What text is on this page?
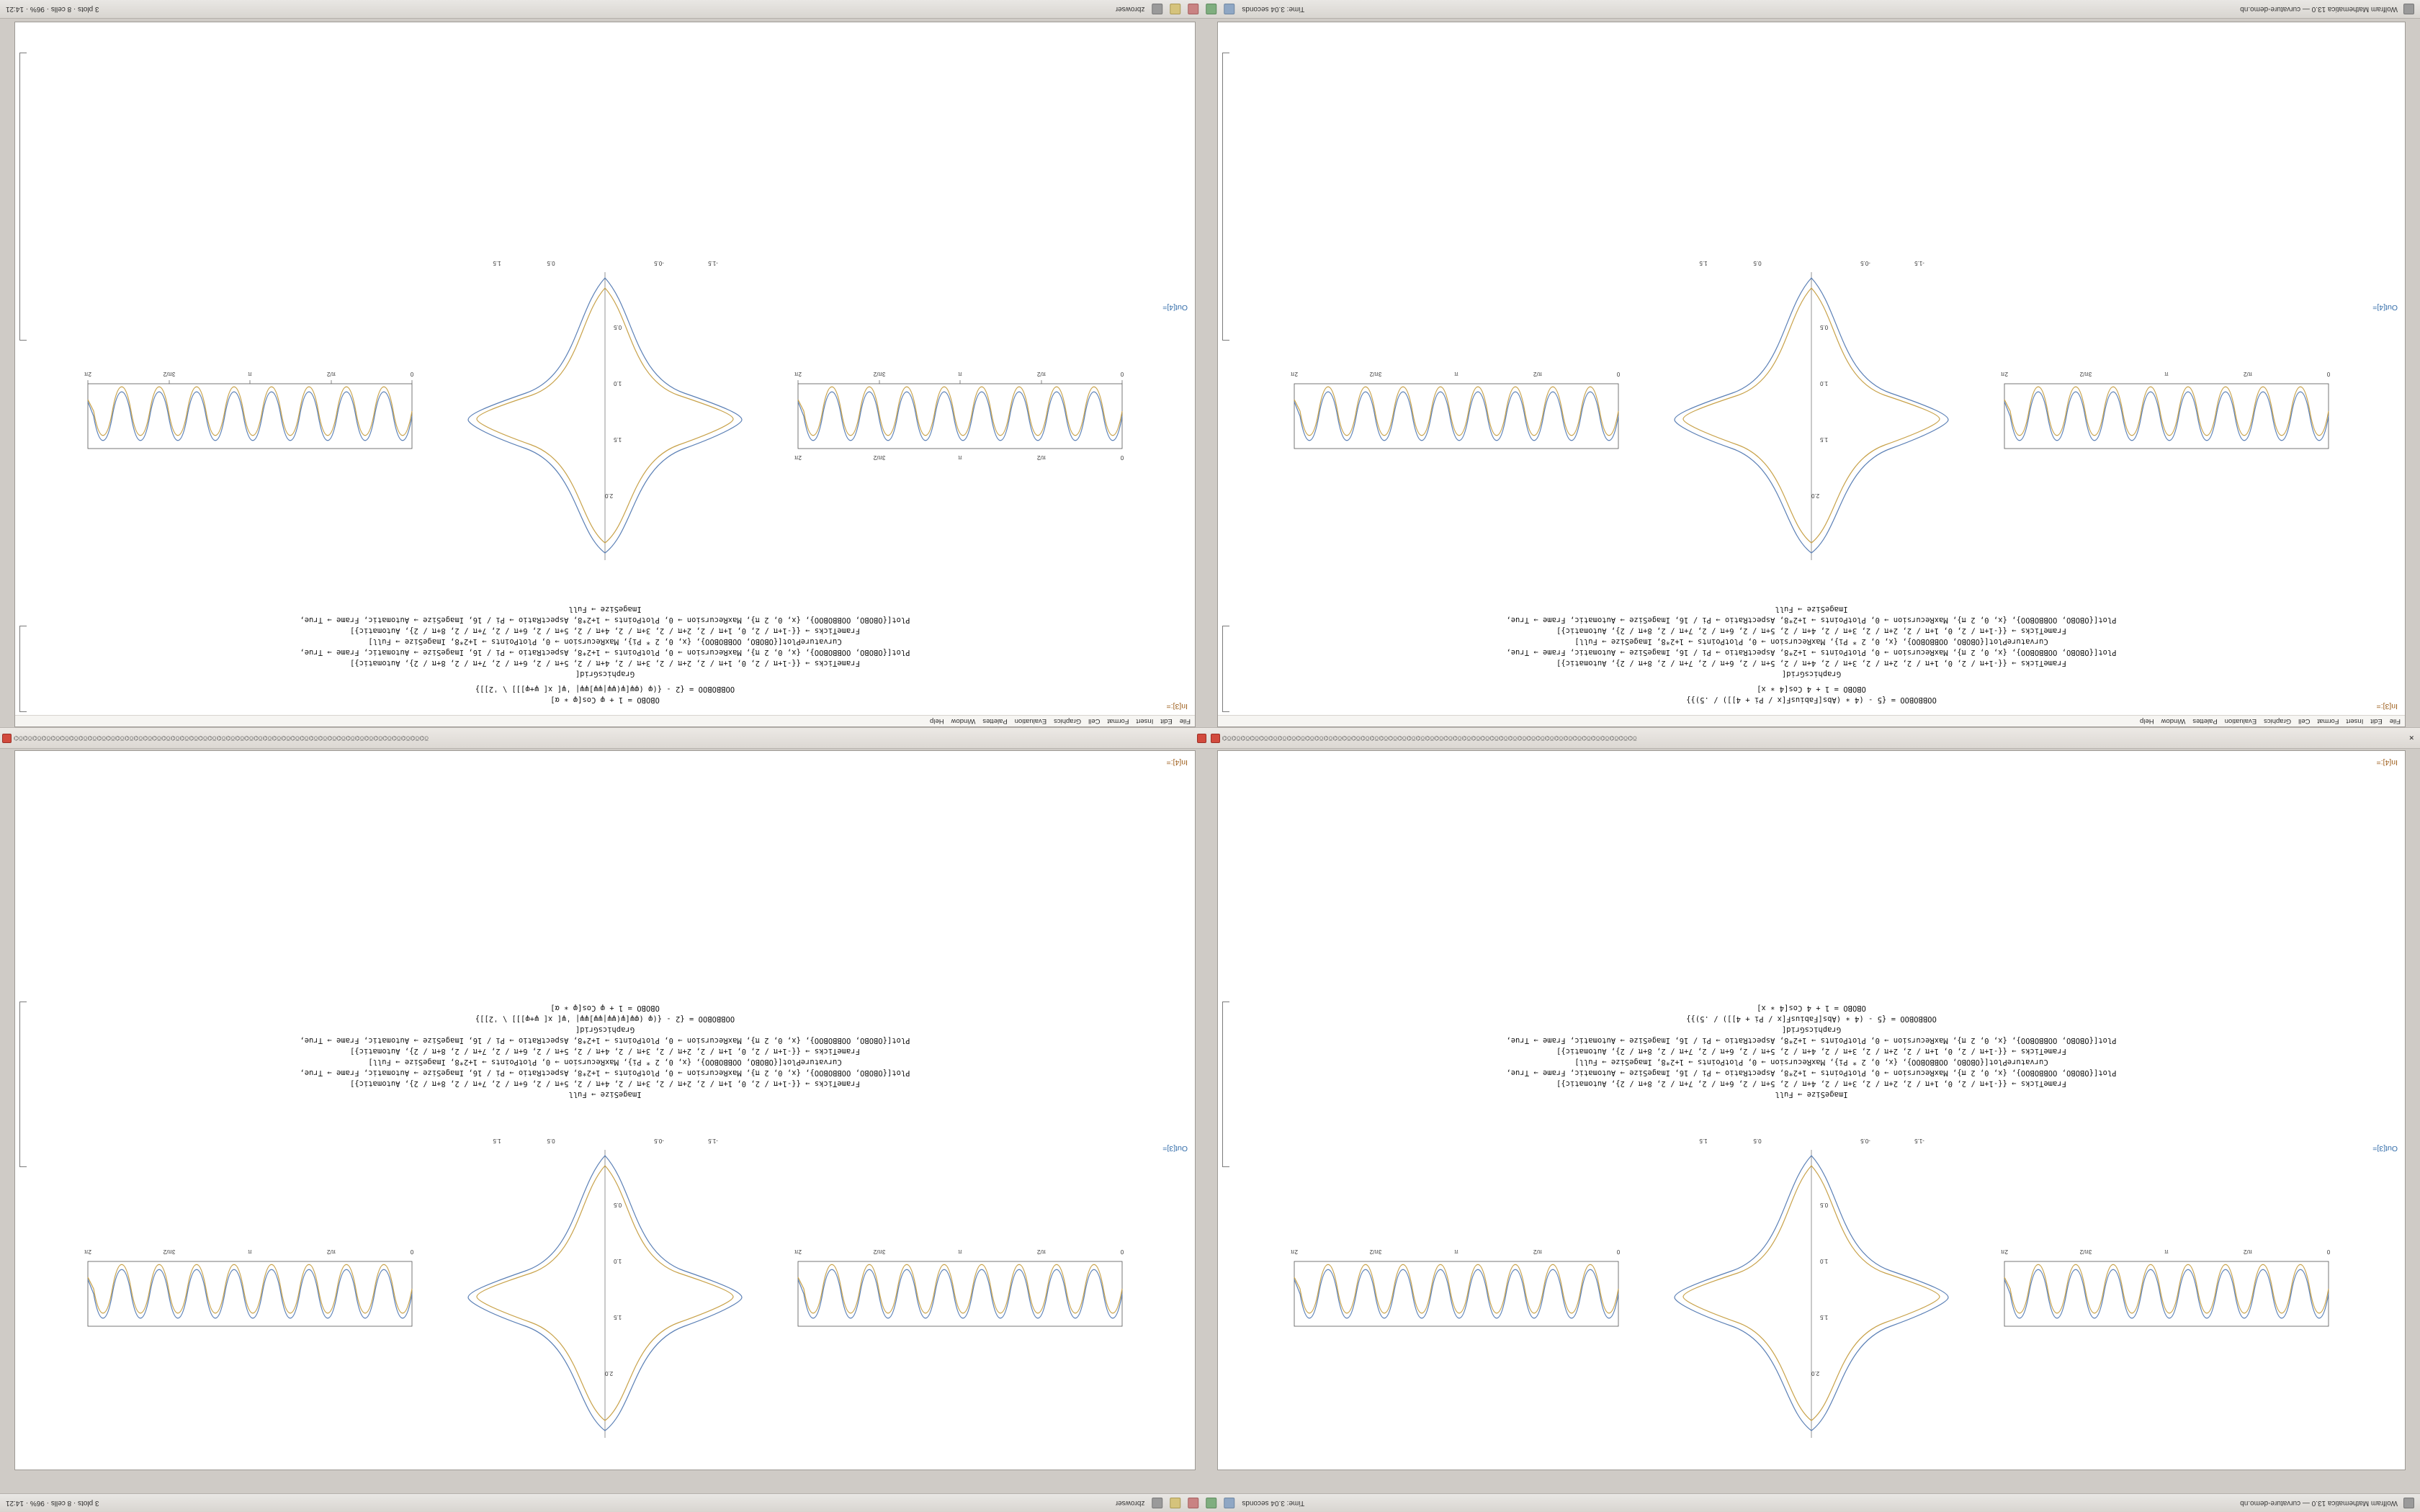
Wolfram Mathematica 13.0 — curvature-demo.nb
Time: 3.04 seconds
zbrowser
3 plots · 8 cells · 96% · 14:21
File
Edit
Insert
Format
Cell
Graphics
Evaluation
Palettes
Window
Help
In[3]:=
OBOBO = 1 + φ Cos[φ ∗ ⍺]
OOBBOBOO = {2 - {(φ (φψ[ψ(ψψ|ψψ]ψψ| 'ψ[ x[ ψ+φ]]] \ '2]]}
GraphicsGrid[
FrameTicks → {{-1+π / 2, 0, 1+π / 2, 2+π / 2, 3+π / 2, 4+π / 2, 5+π / 2, 6+π / 2, 7+π / 2, 8+π / 2}, Automatic}]
Plot[{OBOBO, OOBBOBOO}, {x, 0, 2 π}, MaxRecursion → 0, PlotPoints → 1+2*8, AspectRatio → Pi / 16, ImageSize → Automatic, Frame → True,
CurvaturePlot[{OBOBO, OOBBOBOO}, {x, 0, 2 * Pi}, MaxRecursion → 0, PlotPoints → 1+2*8, ImageSize → Full]
FrameTicks → {{-1+π / 2, 0, 1+π / 2, 2+π / 2, 3+π / 2, 4+π / 2, 5+π / 2, 6+π / 2, 7+π / 2, 8+π / 2}, Automatic}]
Plot[{OBOBO, OOBBOBOO}, {x, 0, 2 π}, MaxRecursion → 0, PlotPoints → 1+2*8, AspectRatio → Pi / 16, ImageSize → Automatic, Frame → True,
ImageSize → Full
Out[4]=
0
π/2
π
3π/2
2π
0
π/2
π
3π/2
2π
2.0
1.5
1.0
0.5
-1.5
-0.5
0.5
1.5
0
π/2
π
3π/2
2π
File
Edit
Insert
Format
Cell
Graphics
Evaluation
Palettes
Window
Help
In[3]:=
OOBBOBOO = {5 - (4 ∗ (Abs[FabiusF[x / Pi + 4]]) / .5)}}
OBOBO = 1 + 4 Cos[4 ∗ x]
GraphicsGrid[
FrameTicks → {{-1+π / 2, 0, 1+π / 2, 2+π / 2, 3+π / 2, 4+π / 2, 5+π / 2, 6+π / 2, 7+π / 2, 8+π / 2}, Automatic}]
Plot[{OBOBO, OOBBOBOO}, {x, 0, 2 π}, MaxRecursion → 0, PlotPoints → 1+2*8, AspectRatio → Pi / 16, ImageSize → Automatic, Frame → True,
CurvaturePlot[{OBOBO, OOBBOBOO}, {x, 0, 2 * Pi}, MaxRecursion → 0, PlotPoints → 1+2*8, ImageSize → Full]
FrameTicks → {{-1+π / 2, 0, 1+π / 2, 2+π / 2, 3+π / 2, 4+π / 2, 5+π / 2, 6+π / 2, 7+π / 2, 8+π / 2}, Automatic}]
Plot[{OBOBO, OOBBOBOO}, {x, 0, 2 π}, MaxRecursion → 0, PlotPoints → 1+2*8, AspectRatio → Pi / 16, ImageSize → Automatic, Frame → True,
ImageSize → Full
Out[4]=
0
π/2
π
3π/2
2π
2.0
1.5
1.0
0.5
-1.5
-0.5
0.5
1.5
0
π/2
π
3π/2
2π
⌬⍜⌬⍜⌬⍜⌬⍜⌬⍜⌬⍜⌬⍜⌬⍜⌬⍜⌬⍜⌬⍜⌬⍜⌬⍜⌬⍜⌬⍜⌬⍜⌬⍜⌬⍜⌬⍜⌬⍜⌬⍜⌬⍜⌬⍜⌬⍜⌬⍜⌬⍜⌬⍜⌬⍜⌬⍜⌬⍜⌬⍜⌬⍜⌬⍜⌬⍜⌬⍜⌬⍜⌬⍜⌬⍜⌬⍜⌬⍜⌬⍜⌬⍜⌬⍜⌬⍜⌬⍜	⌬⍜⌬⍜⌬⍜⌬⍜⌬⍜⌬⍜⌬⍜⌬⍜⌬⍜⌬⍜⌬⍜⌬⍜⌬⍜⌬⍜⌬⍜⌬⍜⌬⍜⌬⍜⌬⍜⌬⍜⌬⍜⌬⍜⌬⍜⌬⍜⌬⍜⌬⍜⌬⍜⌬⍜⌬⍜⌬⍜⌬⍜⌬⍜⌬⍜⌬⍜⌬⍜⌬⍜⌬⍜⌬⍜⌬⍜⌬⍜⌬⍜⌬⍜⌬⍜⌬⍜⌬⍜	✕
0
π/2
π
3π/2
2π
2.0
1.5
1.0
0.5
-1.5
-0.5
0.5
1.5
0
π/2
π
3π/2
2π
Out[3]=
ImageSize → Full
FrameTicks → {{-1+π / 2, 0, 1+π / 2, 2+π / 2, 3+π / 2, 4+π / 2, 5+π / 2, 6+π / 2, 7+π / 2, 8+π / 2}, Automatic}]
Plot[{OBOBO, OOBBOBOO}, {x, 0, 2 π}, MaxRecursion → 0, PlotPoints → 1+2*8, AspectRatio → Pi / 16, ImageSize → Automatic, Frame → True,
CurvaturePlot[{OBOBO, OOBBOBOO}, {x, 0, 2 * Pi}, MaxRecursion → 0, PlotPoints → 1+2*8, ImageSize → Full]
FrameTicks → {{-1+π / 2, 0, 1+π / 2, 2+π / 2, 3+π / 2, 4+π / 2, 5+π / 2, 6+π / 2, 7+π / 2, 8+π / 2}, Automatic}]
Plot[{OBOBO, OOBBOBOO}, {x, 0, 2 π}, MaxRecursion → 0, PlotPoints → 1+2*8, AspectRatio → Pi / 16, ImageSize → Automatic, Frame → True,
GraphicsGrid[
OOBBOBOO = {2 - {(φ (φψ[ψ(ψψ|ψψ]ψψ| 'ψ[ x[ ψ+φ]]] \ '2]]}
OBOBO = 1 + φ Cos[φ ∗ ⍺]
In[4]:=
0
π/2
π
3π/2
2π
2.0
1.5
1.0
0.5
-1.5
-0.5
0.5
1.5
0
π/2
π
3π/2
2π
Out[3]=
ImageSize → Full
FrameTicks → {{-1+π / 2, 0, 1+π / 2, 2+π / 2, 3+π / 2, 4+π / 2, 5+π / 2, 6+π / 2, 7+π / 2, 8+π / 2}, Automatic}]
Plot[{OBOBO, OOBBOBOO}, {x, 0, 2 π}, MaxRecursion → 0, PlotPoints → 1+2*8, AspectRatio → Pi / 16, ImageSize → Automatic, Frame → True,
CurvaturePlot[{OBOBO, OOBBOBOO}, {x, 0, 2 * Pi}, MaxRecursion → 0, PlotPoints → 1+2*8, ImageSize → Full]
FrameTicks → {{-1+π / 2, 0, 1+π / 2, 2+π / 2, 3+π / 2, 4+π / 2, 5+π / 2, 6+π / 2, 7+π / 2, 8+π / 2}, Automatic}]
Plot[{OBOBO, OOBBOBOO}, {x, 0, 2 π}, MaxRecursion → 0, PlotPoints → 1+2*8, AspectRatio → Pi / 16, ImageSize → Automatic, Frame → True,
GraphicsGrid[
OOBBOBOO = {5 - (4 ∗ (Abs[FabiusF[x / Pi + 4]]) / .5)}}
OBOBO = 1 + 4 Cos[4 ∗ x]
In[4]:=
Wolfram Mathematica 13.0 — curvature-demo.nb
Time: 3.04 seconds
zbrowser
3 plots · 8 cells · 96% · 14:21
